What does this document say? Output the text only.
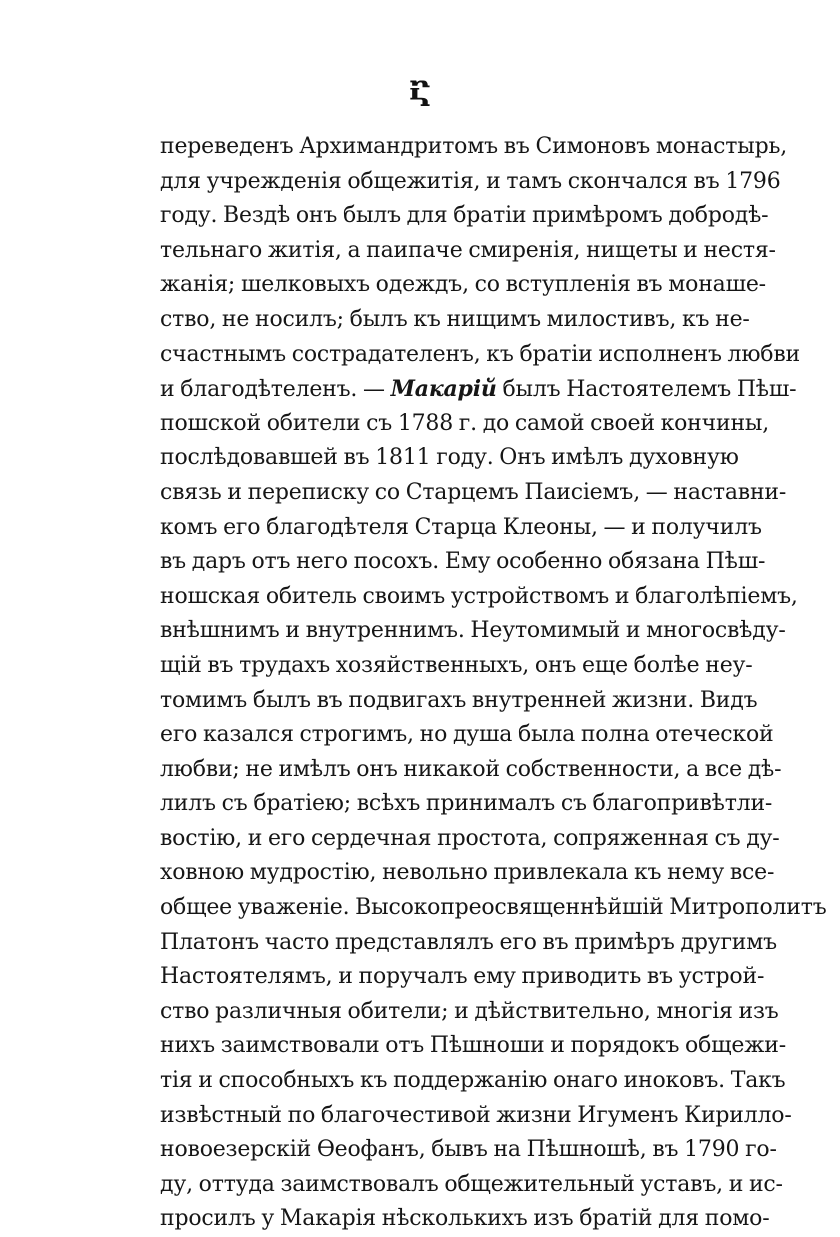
Ⴀ
переведенъ Архимандритомъ въ Симоновъ монастырь,
для учрежденія общежитія, и тамъ скончался въ 1796
году. Вездѣ онъ былъ для братіи примѣромъ добродѣ-
тельнаго житія, а паипаче смиренія, нищеты и нестя-
жанія; шелковыхъ одеждъ, со вступленія въ монаше-
ство, не носилъ; былъ къ нищимъ милостивъ, къ не-
счастнымъ сострадателенъ, къ братіи исполненъ любви
и благодѣтеленъ. — Макарій былъ Настоятелемъ Пѣш-
пошской обители съ 1788 г. до самой своей кончины,
послѣдовавшей въ 1811 году. Онъ имѣлъ духовную
связь и переписку со Старцемъ Паисіемъ, — наставни-
комъ его благодѣтеля Старца Клеоны, — и получилъ
въ даръ отъ него посохъ. Ему особенно обязана Пѣш-
ношская обитель своимъ устройствомъ и благолѣпіемъ,
внѣшнимъ и внутреннимъ. Неутомимый и многосвѣду-
щій въ трудахъ хозяйственныхъ, онъ еще болѣе неу-
томимъ былъ въ подвигахъ внутренней жизни. Видъ
его казался строгимъ, но душа была полна отеческой
любви; не имѣлъ онъ никакой собственности, а все дѣ-
лилъ съ братіею; всѣхъ принималъ съ благопривѣтли-
востію, и его сердечная простота, сопряженная съ ду-
ховною мудростію, невольно привлекала къ нему все-
общее уваженіе. Высокопреосвященнѣйшій Митрополитъ
Платонъ часто представлялъ его въ примѣръ другимъ
Настоятелямъ, и поручалъ ему приводить въ устрой-
ство различныя обители; и дѣйствительно, многія изъ
нихъ заимствовали отъ Пѣшноши и порядокъ общежи-
тія и способныхъ къ поддержанію онаго иноковъ. Такъ
извѣстный по благочестивой жизни Игуменъ Кирилло-
новоезерскій Ѳеофанъ, бывъ на Пѣшношѣ, въ 1790 го-
ду, оттуда заимствовалъ общежительный уставъ, и ис-
просилъ у Макарія нѣсколькихъ изъ братій для помо-
